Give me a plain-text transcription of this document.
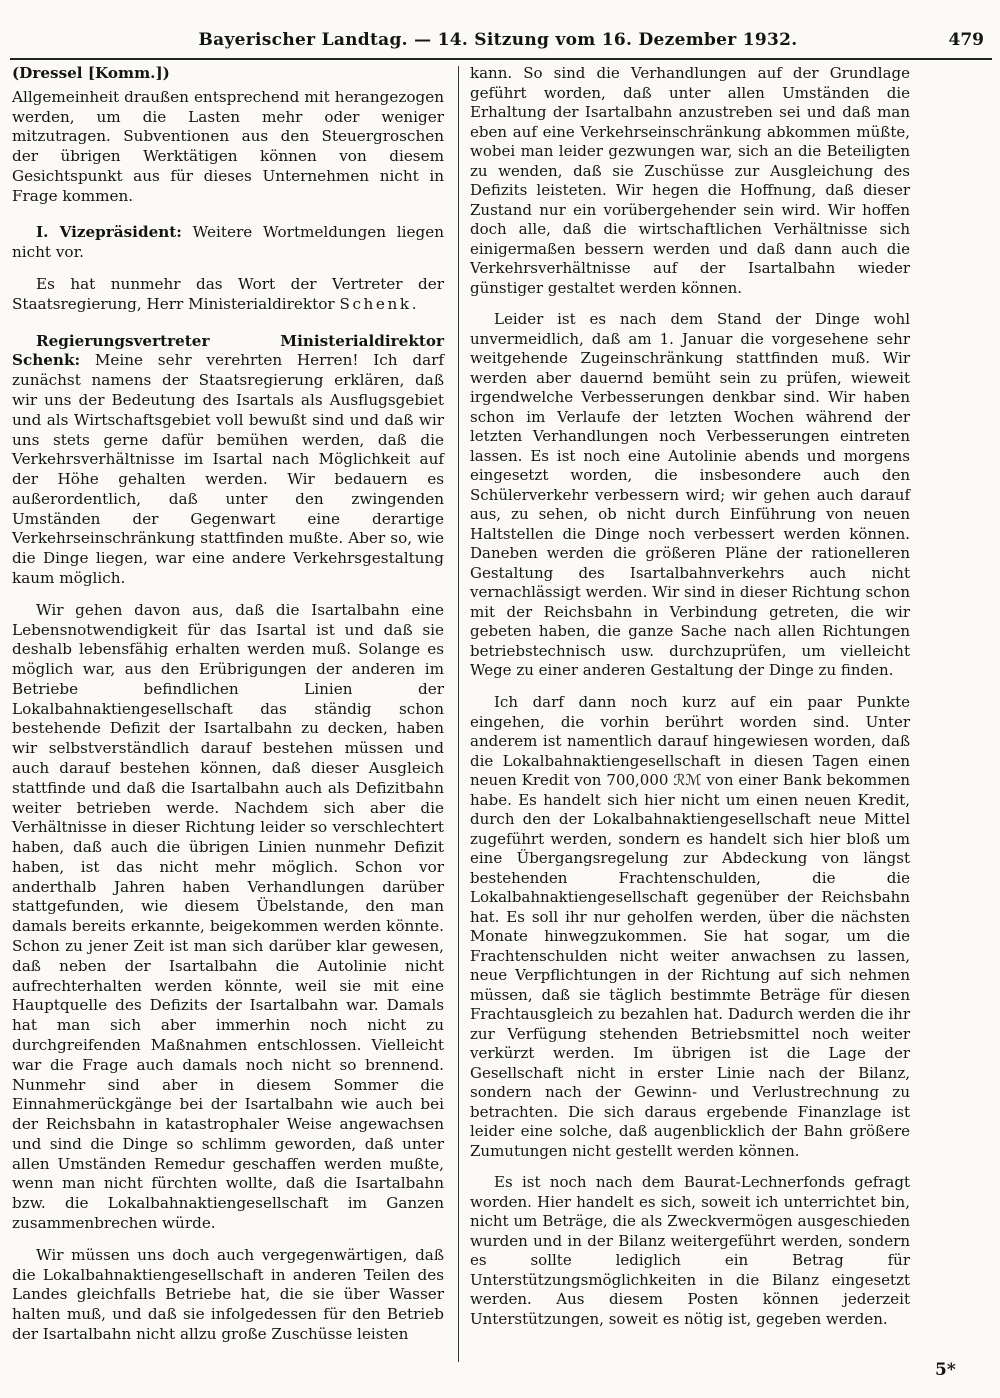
Bayerischer Landtag. — 14. Sitzung vom 16. Dezember 1932.	479
(Dressel [Komm.])

Allgemeinheit draußen entsprechend mit herangezogen werden, um die Lasten mehr oder weniger mitzutragen. Subventionen aus den Steuergroschen der übrigen Werktätigen können von diesem Gesichtspunkt aus für dieses Unternehmen nicht in Frage kommen.

I. Vizepräsident: Weitere Wortmeldungen liegen nicht vor.

Es hat nunmehr das Wort der Vertreter der Staatsregierung, Herr Ministerialdirektor Schenk.

Regierungsvertreter Ministerialdirektor Schenk: Meine sehr verehrten Herren! Ich darf zunächst namens der Staatsregierung erklären, daß wir uns der Bedeutung des Isartals als Ausflugsgebiet und als Wirtschaftsgebiet voll bewußt sind und daß wir uns stets gerne dafür bemühen werden, daß die Verkehrsverhältnisse im Isartal nach Möglichkeit auf der Höhe gehalten werden. Wir bedauern es außerordentlich, daß unter den zwingenden Umständen der Gegenwart eine derartige Verkehrseinschränkung stattfinden mußte. Aber so, wie die Dinge liegen, war eine andere Verkehrsgestaltung kaum möglich.

Wir gehen davon aus, daß die Isartalbahn eine Lebensnotwendigkeit für das Isartal ist und daß sie deshalb lebensfähig erhalten werden muß. Solange es möglich war, aus den Erübrigungen der anderen im Betriebe befindlichen Linien der Lokalbahnaktiengesellschaft das ständig schon bestehende Defizit der Isartalbahn zu decken, haben wir selbstverständlich darauf bestehen müssen und auch darauf bestehen können, daß dieser Ausgleich stattfinde und daß die Isartalbahn auch als Defizitbahn weiter betrieben werde. Nachdem sich aber die Verhältnisse in dieser Richtung leider so verschlechtert haben, daß auch die übrigen Linien nunmehr Defizit haben, ist das nicht mehr möglich. Schon vor anderthalb Jahren haben Verhandlungen darüber stattgefunden, wie diesem Übelstande, den man damals bereits erkannte, beigekommen werden könnte. Schon zu jener Zeit ist man sich darüber klar gewesen, daß neben der Isartalbahn die Autolinie nicht aufrechterhalten werden könnte, weil sie mit eine Hauptquelle des Defizits der Isartalbahn war. Damals hat man sich aber immerhin noch nicht zu durchgreifenden Maßnahmen entschlossen. Vielleicht war die Frage auch damals noch nicht so brennend. Nunmehr sind aber in diesem Sommer die Einnahmerückgänge bei der Isartalbahn wie auch bei der Reichsbahn in katastrophaler Weise angewachsen und sind die Dinge so schlimm geworden, daß unter allen Umständen Remedur geschaffen werden mußte, wenn man nicht fürchten wollte, daß die Isartalbahn bzw. die Lokalbahnaktiengesellschaft im Ganzen zusammenbrechen würde.

Wir müssen uns doch auch vergegenwärtigen, daß die Lokalbahnaktiengesellschaft in anderen Teilen des Landes gleichfalls Betriebe hat, die sie über Wasser halten muß, und daß sie infolgedessen für den Betrieb der Isartalbahn nicht allzu große Zuschüsse leisten

kann. So sind die Verhandlungen auf der Grundlage geführt worden, daß unter allen Umständen die Erhaltung der Isartalbahn anzustreben sei und daß man eben auf eine Verkehrseinschränkung abkommen müßte, wobei man leider gezwungen war, sich an die Beteiligten zu wenden, daß sie Zuschüsse zur Ausgleichung des Defizits leisteten. Wir hegen die Hoffnung, daß dieser Zustand nur ein vorübergehender sein wird. Wir hoffen doch alle, daß die wirtschaftlichen Verhältnisse sich einigermaßen bessern werden und daß dann auch die Verkehrsverhältnisse auf der Isartalbahn wieder günstiger gestaltet werden können.

Leider ist es nach dem Stand der Dinge wohl unvermeidlich, daß am 1. Januar die vorgesehene sehr weitgehende Zugeinschränkung stattfinden muß. Wir werden aber dauernd bemüht sein zu prüfen, wieweit irgendwelche Verbesserungen denkbar sind. Wir haben schon im Verlaufe der letzten Wochen während der letzten Verhandlungen noch Verbesserungen eintreten lassen. Es ist noch eine Autolinie abends und morgens eingesetzt worden, die insbesondere auch den Schülerverkehr verbessern wird; wir gehen auch darauf aus, zu sehen, ob nicht durch Einführung von neuen Haltstellen die Dinge noch verbessert werden können. Daneben werden die größeren Pläne der rationelleren Gestaltung des Isartalbahnverkehrs auch nicht vernachlässigt werden. Wir sind in dieser Richtung schon mit der Reichsbahn in Verbindung getreten, die wir gebeten haben, die ganze Sache nach allen Richtungen betriebstechnisch usw. durchzuprüfen, um vielleicht Wege zu einer anderen Gestaltung der Dinge zu finden.

Ich darf dann noch kurz auf ein paar Punkte eingehen, die vorhin berührt worden sind. Unter anderem ist namentlich darauf hingewiesen worden, daß die Lokalbahnaktiengesellschaft in diesen Tagen einen neuen Kredit von 700,000 ℛℳ von einer Bank bekommen habe. Es handelt sich hier nicht um einen neuen Kredit, durch den der Lokalbahnaktiengesellschaft neue Mittel zugeführt werden, sondern es handelt sich hier bloß um eine Übergangsregelung zur Abdeckung von längst bestehenden Frachtenschulden, die die Lokalbahnaktiengesellschaft gegenüber der Reichsbahn hat. Es soll ihr nur geholfen werden, über die nächsten Monate hinwegzukommen. Sie hat sogar, um die Frachtenschulden nicht weiter anwachsen zu lassen, neue Verpflichtungen in der Richtung auf sich nehmen müssen, daß sie täglich bestimmte Beträge für diesen Frachtausgleich zu bezahlen hat. Dadurch werden die ihr zur Verfügung stehenden Betriebsmittel noch weiter verkürzt werden. Im übrigen ist die Lage der Gesellschaft nicht in erster Linie nach der Bilanz, sondern nach der Gewinn- und Verlustrechnung zu betrachten. Die sich daraus ergebende Finanzlage ist leider eine solche, daß augenblicklich der Bahn größere Zumutungen nicht gestellt werden können.

Es ist noch nach dem Baurat-Lechnerfonds gefragt worden. Hier handelt es sich, soweit ich unterrichtet bin, nicht um Beträge, die als Zweckvermögen ausgeschieden wurden und in der Bilanz weitergeführt werden, sondern es sollte lediglich ein Betrag für Unterstützungsmöglichkeiten in die Bilanz eingesetzt werden. Aus diesem Posten können jederzeit Unterstützungen, soweit es nötig ist, gegeben werden.

5*
